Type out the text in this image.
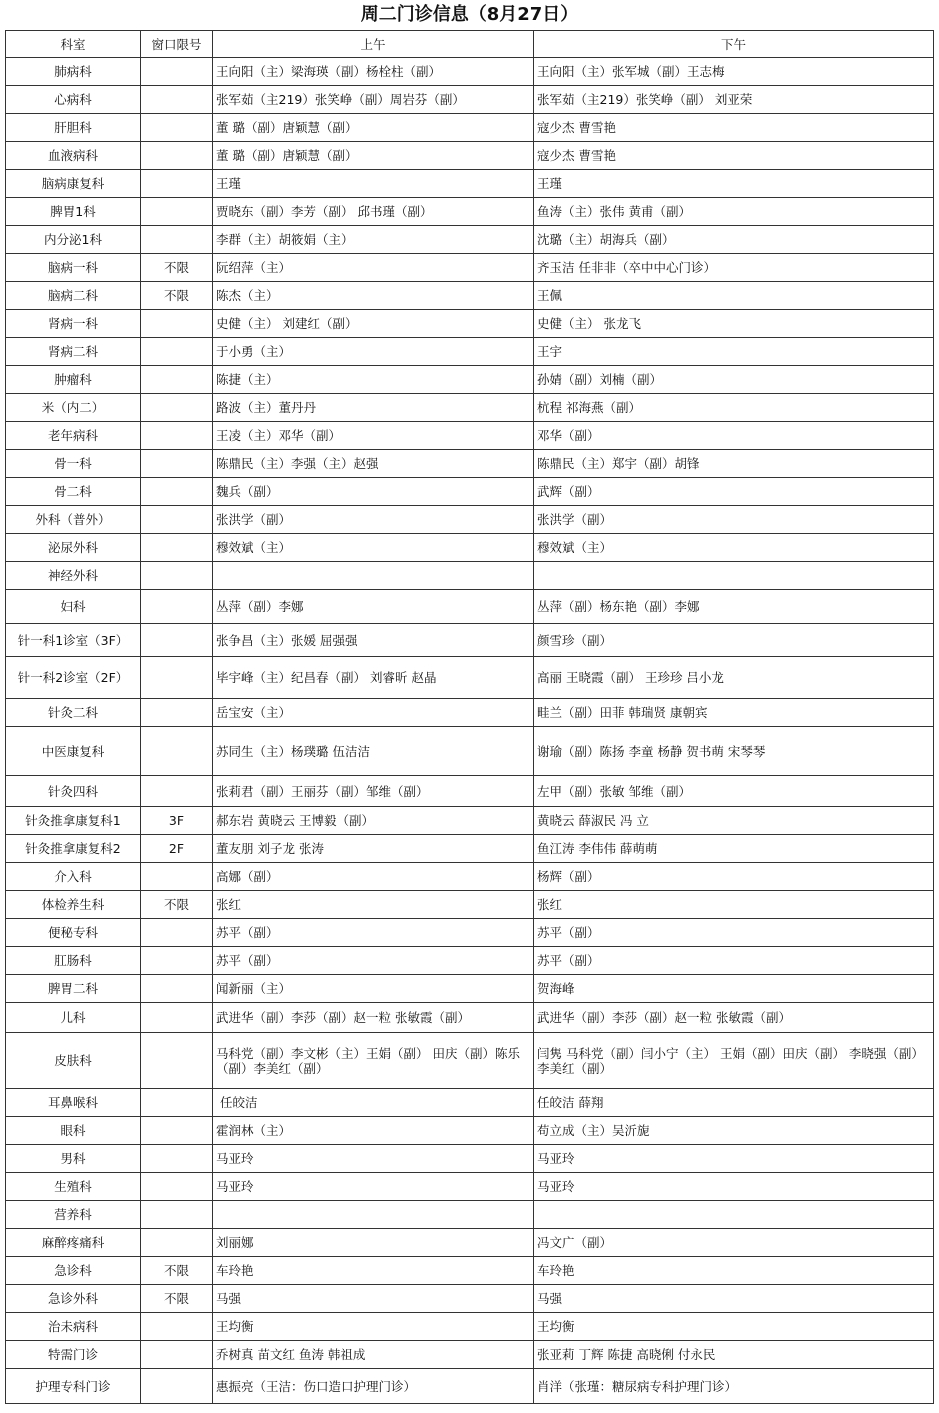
周二门诊信息（8月27日）
科室	窗口限号	上午	下午
肺病科		王向阳（主）梁海瑛（副）杨栓柱（副）	王向阳（主）张军城（副）王志梅
心病科		张军茹（主219）张笑峥（副）周岩芬（副）	张军茹（主219）张笑峥（副） 刘亚荣
肝胆科		董 璐（副）唐颖慧（副）	寇少杰 曹雪艳
血液病科		董 璐（副）唐颖慧（副）	寇少杰 曹雪艳
脑病康复科		王瑾	王瑾
脾胃1科		贾晓东（副）李芳（副） 邱书瑾（副）	鱼涛（主）张伟 黄甫（副）
内分泌1科		李群（主）胡筱娟（主）	沈璐（主）胡海兵（副）
脑病一科	不限	阮绍萍（主）	齐玉洁 任非非（卒中中心门诊）
脑病二科	不限	陈杰（主）	王佩
肾病一科		史健（主） 刘建红（副）	史健（主） 张龙飞
肾病二科		于小勇（主）	王宇
肿瘤科		陈捷（主）	孙婧（副）刘楠（副）
米（内二）		路波（主）董丹丹	杭程 祁海燕（副）
老年病科		王凌（主）邓华（副）	邓华（副）
骨一科		陈鼎民（主）李强（主）赵强	陈鼎民（主）郑宇（副）胡锋
骨二科		魏兵（副）	武辉（副）
外科（普外）		张洪学（副）	张洪学（副）
泌尿外科		穆效斌（主）	穆效斌（主）
神经外科			
妇科		丛萍（副）李娜	丛萍（副）杨东艳（副）李娜
针一科1诊室（3F）		张争昌（主）张媛 屈强强	颜雪珍（副）
针一科2诊室（2F）		毕宇峰（主）纪昌春（副） 刘睿昕 赵晶	高丽 王晓霞（副） 王珍珍 吕小龙
针灸二科		岳宝安（主）	畦兰（副）田菲 韩瑞贤 康朝宾
中医康复科		苏同生（主）杨璞璐 伍洁洁	谢瑜（副）陈扬 李童 杨静 贺书萌 宋琴琴
针灸四科		张莉君（副）王丽芬（副）邹维（副）	左甲（副）张敏 邹维（副）
针灸推拿康复科1	3F	郝东岩 黄晓云 王博毅（副）	黄晓云 薛淑民 冯 立
针灸推拿康复科2	2F	董友朋 刘子龙 张涛	鱼江涛 李伟伟 薛萌萌
介入科		高娜（副）	杨辉（副）
体检养生科	不限	张红	张红
便秘专科		苏平（副）	苏平（副）
肛肠科		苏平（副）	苏平（副）
脾胃二科		闻新丽（主）	贺海峰
儿科		武进华（副）李莎（副）赵一粒 张敏霞（副）	武进华（副）李莎（副）赵一粒 张敏霞（副）
皮肤科		马科党（副）李文彬（主）王娟（副） 田庆（副）陈乐（副）李美红（副）	闫隽 马科党（副）闫小宁（主） 王娟（副）田庆（副） 李晓强（副）李美红（副）
耳鼻喉科		任皎洁	任皎洁 薛翔
眼科		霍润林（主）	苟立成（主）吴沂旎
男科		马亚玲	马亚玲
生殖科		马亚玲	马亚玲
营养科			
麻醉疼痛科		刘丽娜	冯文广（副）
急诊科	不限	车玲艳	车玲艳
急诊外科	不限	马强	马强
治未病科		王均衡	王均衡
特需门诊		乔树真 苗文红 鱼涛 韩祖成	张亚莉 丁辉 陈捷 高晓俐 付永民
护理专科门诊		惠振亮（王洁：伤口造口护理门诊）	肖洋（张瑾：糖尿病专科护理门诊）
